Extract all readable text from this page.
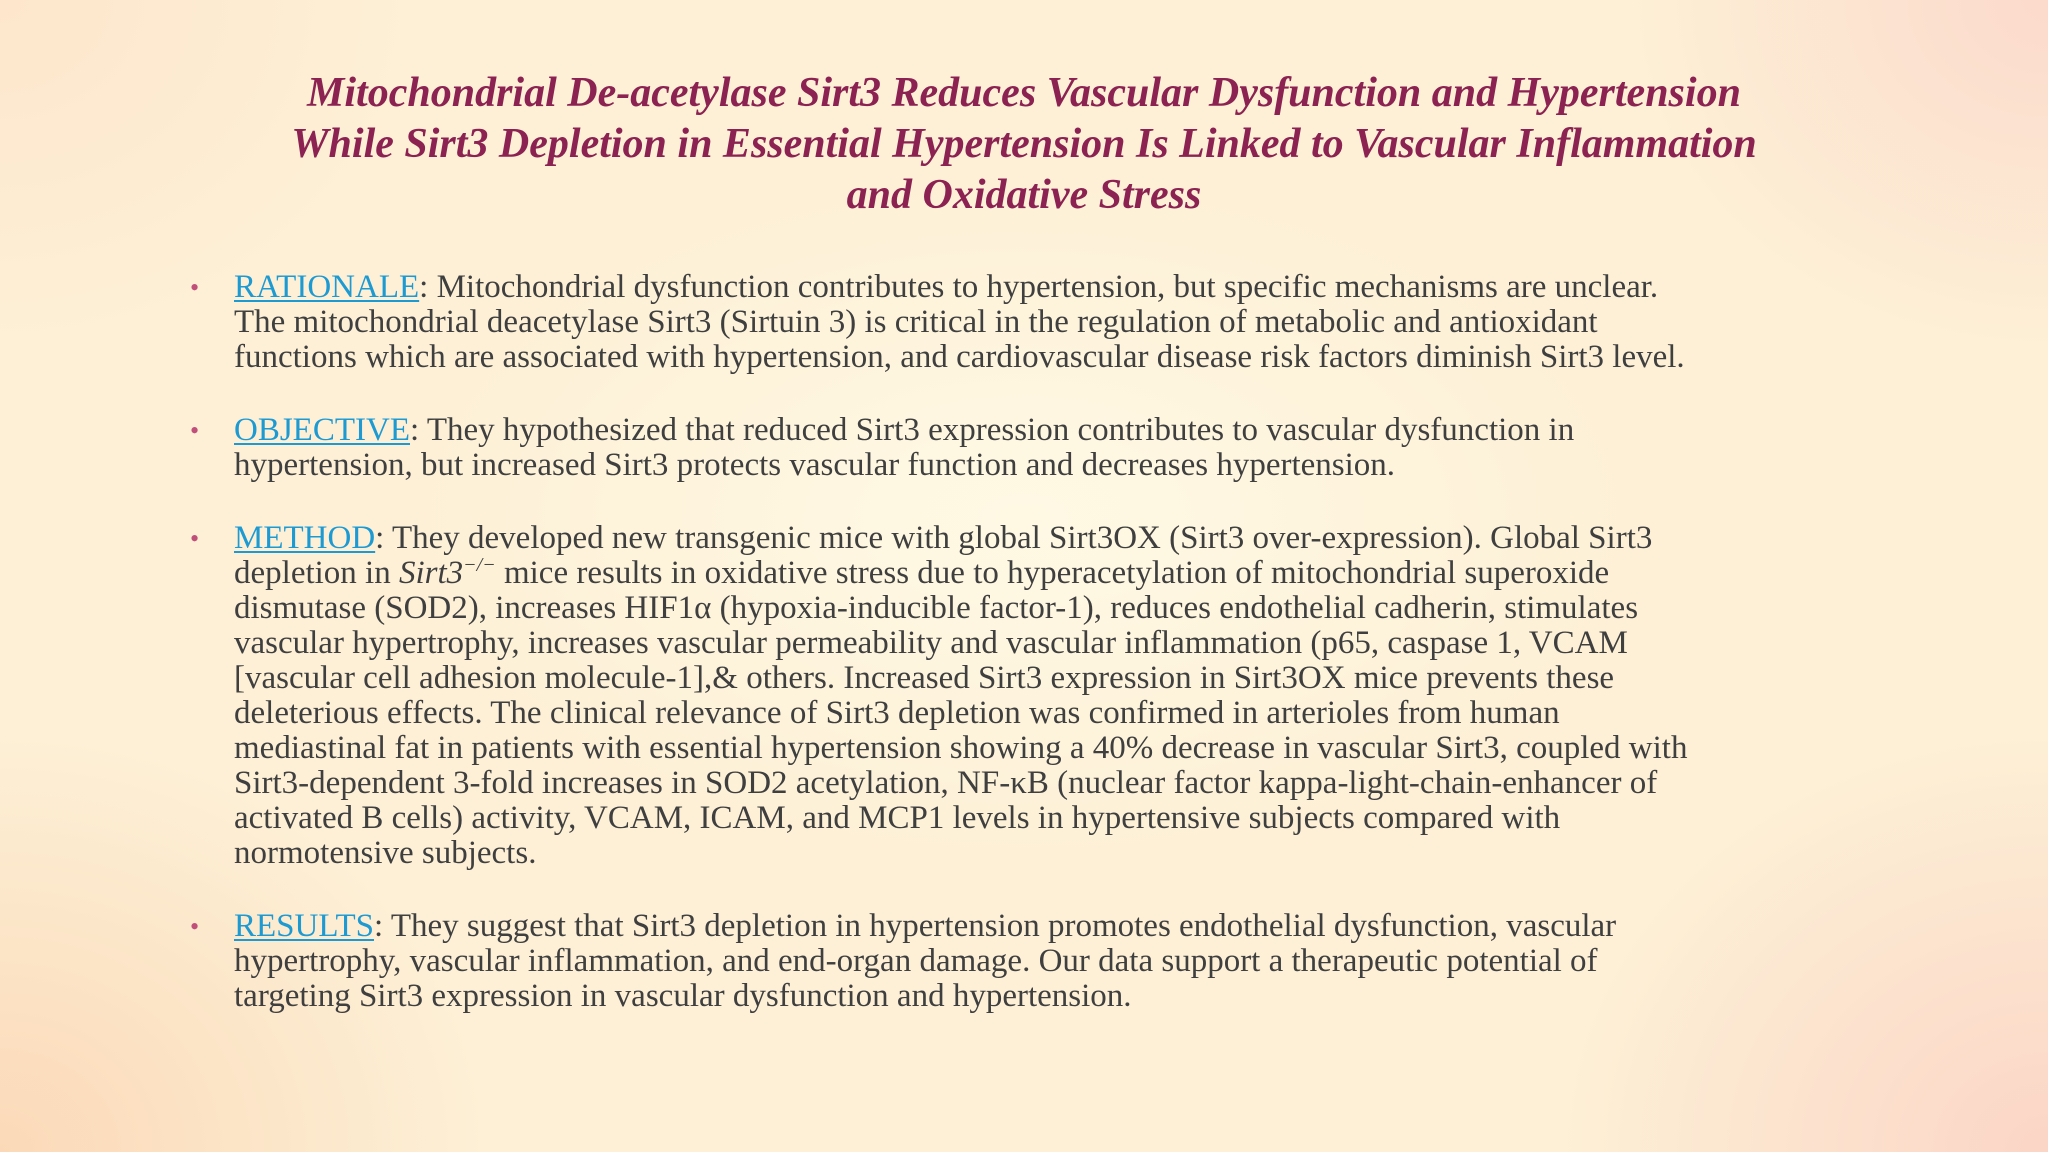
Mitochondrial De-acetylase Sirt3 Reduces Vascular Dysfunction and Hypertension
While Sirt3 Depletion in Essential Hypertension Is Linked to Vascular Inflammation
and Oxidative Stress
• RATIONALE: Mitochondrial dysfunction contributes to hypertension, but specific mechanisms are unclear.
The mitochondrial deacetylase Sirt3 (Sirtuin 3) is critical in the regulation of metabolic and antioxidant
functions which are associated with hypertension, and cardiovascular disease risk factors diminish Sirt3 level.
• OBJECTIVE: They hypothesized that reduced Sirt3 expression contributes to vascular dysfunction in
hypertension, but increased Sirt3 protects vascular function and decreases hypertension.
• METHOD: They developed new transgenic mice with global Sirt3OX (Sirt3 over-expression). Global Sirt3
depletion in Sirt3−/− mice results in oxidative stress due to hyperacetylation of mitochondrial superoxide
dismutase (SOD2), increases HIF1α (hypoxia-inducible factor-1), reduces endothelial cadherin, stimulates
vascular hypertrophy, increases vascular permeability and vascular inflammation (p65, caspase 1, VCAM
[vascular cell adhesion molecule-1],& others. Increased Sirt3 expression in Sirt3OX mice prevents these
deleterious effects. The clinical relevance of Sirt3 depletion was confirmed in arterioles from human
mediastinal fat in patients with essential hypertension showing a 40% decrease in vascular Sirt3, coupled with
Sirt3-dependent 3-fold increases in SOD2 acetylation, NF-κB (nuclear factor kappa-light-chain-enhancer of
activated B cells) activity, VCAM, ICAM, and MCP1 levels in hypertensive subjects compared with
normotensive subjects.
• RESULTS: They suggest that Sirt3 depletion in hypertension promotes endothelial dysfunction, vascular
hypertrophy, vascular inflammation, and end-organ damage. Our data support a therapeutic potential of
targeting Sirt3 expression in vascular dysfunction and hypertension.
